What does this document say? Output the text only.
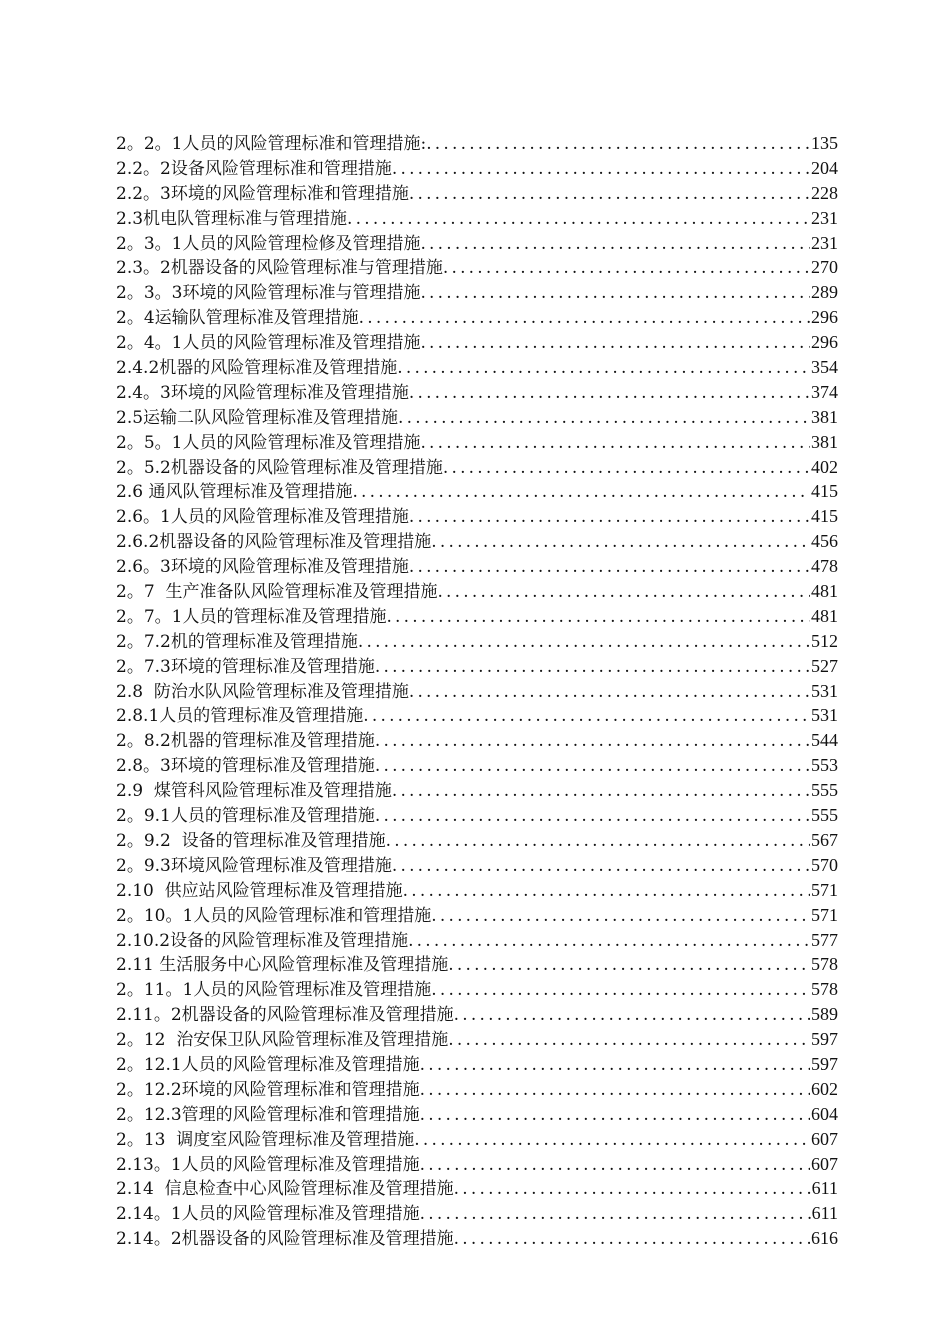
2。2。1人员的风险管理标准和管理措施: .....	135
2.2。2设备风险管理标准和管理措施 .....	204
2.2。3环境的风险管理标准和管理措施 .....	228
2.3机电队管理标准与管理措施 .....	231
2。3。1人员的风险管理检修及管理措施 .....	231
2.3。2机器设备的风险管理标准与管理措施 .....	270
2。3。3环境的风险管理标准与管理措施 .....	289
2。4运输队管理标准及管理措施 .....	296
2。4。1人员的风险管理标准及管理措施 .....	296
2.4.2机器的风险管理标准及管理措施 .....	354
2.4。3环境的风险管理标准及管理措施 .....	374
2.5运输二队风险管理标准及管理措施 .....	381
2。5。1人员的风险管理标准及管理措施 .....	381
2。5.2机器设备的风险管理标准及管理措施 .....	402
2.6 通风队管理标准及管理措施 .....	415
2.6。1人员的风险管理标准及管理措施 .....	415
2.6.2机器设备的风险管理标准及管理措施 .....	456
2.6。3环境的风险管理标准及管理措施 .....	478
2。7  生产准备队风险管理标准及管理措施 .....	481
2。7。1人员的管理标准及管理措施 .....	481
2。7.2机的管理标准及管理措施 .....	512
2。7.3环境的管理标准及管理措施 .....	527
2.8  防治水队风险管理标准及管理措施 .....	531
2.8.1人员的管理标准及管理措施 .....	531
2。8.2机器的管理标准及管理措施 .....	544
2.8。3环境的管理标准及管理措施 .....	553
2.9  煤管科风险管理标准及管理措施 .....	555
2。9.1人员的管理标准及管理措施 .....	555
2。9.2  设备的管理标准及管理措施 .....	567
2。9.3环境风险管理标准及管理措施 .....	570
2.10  供应站风险管理标准及管理措施 .....	571
2。10。1人员的风险管理标准和管理措施 .....	571
2.10.2设备的风险管理标准及管理措施 .....	577
2.11 生活服务中心风险管理标准及管理措施 .....	578
2。11。1人员的风险管理标准及管理措施 .....	578
2.11。2机器设备的风险管理标准及管理措施 .....	589
2。12  治安保卫队风险管理标准及管理措施 .....	597
2。12.1人员的风险管理标准及管理措施 .....	597
2。12.2环境的风险管理标准和管理措施 .....	602
2。12.3管理的风险管理标准和管理措施 .....	604
2。13  调度室风险管理标准及管理措施 .....	607
2.13。1人员的风险管理标准及管理措施 .....	607
2.14  信息检查中心风险管理标准及管理措施 .....	611
2.14。1人员的风险管理标准及管理措施 .....	611
2.14。2机器设备的风险管理标准及管理措施 .....	616
